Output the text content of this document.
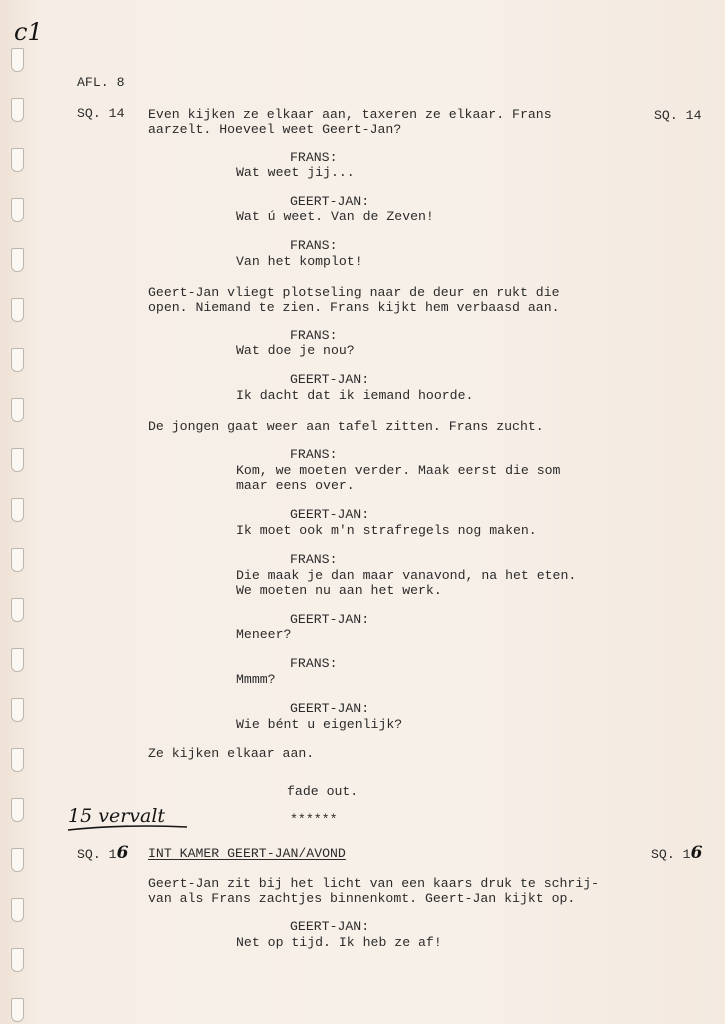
c1
AFL. 8
SQ. 14	SQ. 14
Even kijken ze elkaar aan, taxeren ze elkaar. Frans
aarzelt. Hoeveel weet Geert-Jan?
FRANS:
Wat weet jij...
GEERT-JAN:
Wat ú weet. Van de Zeven!
FRANS:
Van het komplot!
Geert-Jan vliegt plotseling naar de deur en rukt die
open. Niemand te zien. Frans kijkt hem verbaasd aan.
FRANS:
Wat doe je nou?
GEERT-JAN:
Ik dacht dat ik iemand hoorde.
De jongen gaat weer aan tafel zitten. Frans zucht.
FRANS:
Kom, we moeten verder. Maak eerst die som
maar eens over.
GEERT-JAN:
Ik moet ook m'n strafregels nog maken.
FRANS:
Die maak je dan maar vanavond, na het eten.
We moeten nu aan het werk.
GEERT-JAN:
Meneer?
FRANS:
Mmmm?
GEERT-JAN:
Wie bént u eigenlijk?
Ze kijken elkaar aan.
fade out.
******
15 vervalt
SQ. 16	SQ. 16
INT KAMER GEERT-JAN/AVOND
Geert-Jan zit bij het licht van een kaars druk te schrij-
van als Frans zachtjes binnenkomt. Geert-Jan kijkt op.
GEERT-JAN:
Net op tijd. Ik heb ze af!
